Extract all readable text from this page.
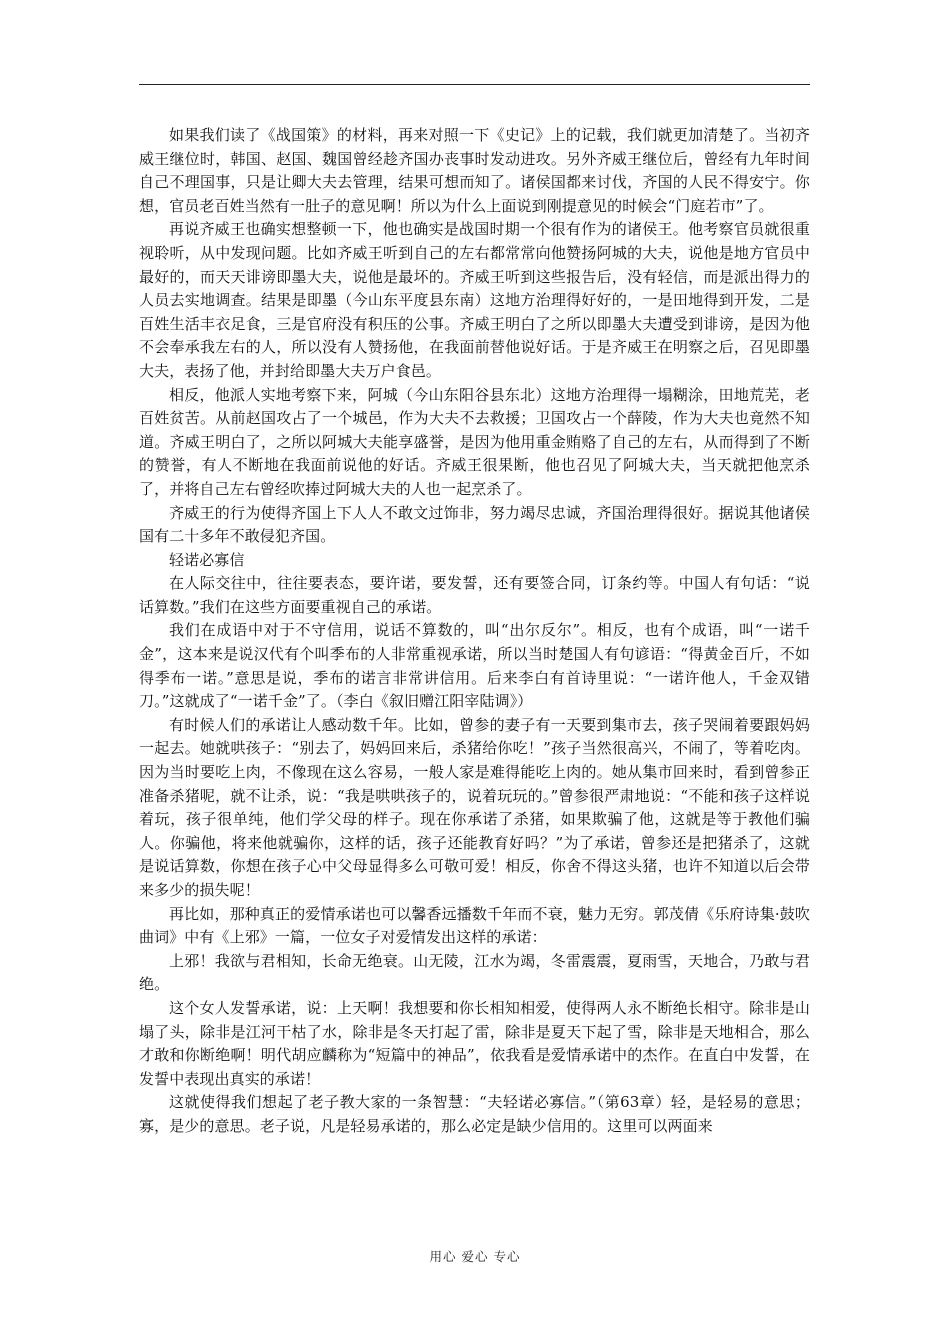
如果我们读了《战国策》的材料，再来对照一下《史记》上的记载，我们就更加清楚了。当初齐威王继位时，韩国、赵国、魏国曾经趁齐国办丧事时发动进攻。另外齐威王继位后，曾经有九年时间自己不理国事，只是让卿大夫去管理，结果可想而知了。诸侯国都来讨伐，齐国的人民不得安宁。你想，官员老百姓当然有一肚子的意见啊！所以为什么上面说到刚提意见的时候会“门庭若市”了。

再说齐威王也确实想整顿一下，他也确实是战国时期一个很有作为的诸侯王。他考察官员就很重视聆听，从中发现问题。比如齐威王听到自己的左右都常常向他赞扬阿城的大夫，说他是地方官员中最好的，而天天诽谤即墨大夫，说他是最坏的。齐威王听到这些报告后，没有轻信，而是派出得力的人员去实地调查。结果是即墨（今山东平度县东南）这地方治理得好好的，一是田地得到开发，二是百姓生活丰衣足食，三是官府没有积压的公事。齐威王明白了之所以即墨大夫遭受到诽谤，是因为他不会奉承我左右的人，所以没有人赞扬他，在我面前替他说好话。于是齐威王在明察之后，召见即墨大夫，表扬了他，并封给即墨大夫万户食邑。

相反，他派人实地考察下来，阿城（今山东阳谷县东北）这地方治理得一塌糊涂，田地荒芜，老百姓贫苦。从前赵国攻占了一个城邑，作为大夫不去救援；卫国攻占一个薛陵，作为大夫也竟然不知道。齐威王明白了，之所以阿城大夫能享盛誉，是因为他用重金贿赂了自己的左右，从而得到了不断的赞誉，有人不断地在我面前说他的好话。齐威王很果断，他也召见了阿城大夫，当天就把他烹杀了，并将自己左右曾经吹捧过阿城大夫的人也一起烹杀了。

齐威王的行为使得齐国上下人人不敢文过饰非，努力竭尽忠诚，齐国治理得很好。据说其他诸侯国有二十多年不敢侵犯齐国。

轻诺必寡信

在人际交往中，往往要表态，要许诺，要发誓，还有要签合同，订条约等。中国人有句话：“说话算数。”我们在这些方面要重视自己的承诺。

我们在成语中对于不守信用，说话不算数的，叫“出尔反尔”。相反，也有个成语，叫“一诺千金”，这本来是说汉代有个叫季布的人非常重视承诺，所以当时楚国人有句谚语：“得黄金百斤，不如得季布一诺。”意思是说，季布的诺言非常讲信用。后来李白有首诗里说：“一诺许他人，千金双错刀。”这就成了“一诺千金”了。（李白《叙旧赠江阳宰陆调》）

有时候人们的承诺让人感动数千年。比如，曾参的妻子有一天要到集市去，孩子哭闹着要跟妈妈一起去。她就哄孩子：“别去了，妈妈回来后，杀猪给你吃！”孩子当然很高兴，不闹了，等着吃肉。因为当时要吃上肉，不像现在这么容易，一般人家是难得能吃上肉的。她从集市回来时，看到曾参正准备杀猪呢，就不让杀，说：“我是哄哄孩子的，说着玩玩的。”曾参很严肃地说：“不能和孩子这样说着玩，孩子很单纯，他们学父母的样子。现在你承诺了杀猪，如果欺骗了他，这就是等于教他们骗人。你骗他，将来他就骗你，这样的话，孩子还能教育好吗？”为了承诺，曾参还是把猪杀了，这就是说话算数，你想在孩子心中父母显得多么可敬可爱！相反，你舍不得这头猪，也许不知道以后会带来多少的损失呢！

再比如，那种真正的爱情承诺也可以馨香远播数千年而不衰，魅力无穷。郭茂倩《乐府诗集·鼓吹曲词》中有《上邪》一篇，一位女子对爱情发出这样的承诺：

上邪！我欲与君相知，长命无绝衰。山无陵，江水为竭，冬雷震震，夏雨雪，天地合，乃敢与君绝。

这个女人发誓承诺，说：上天啊！我想要和你长相知相爱，使得两人永不断绝长相守。除非是山塌了头，除非是江河干枯了水，除非是冬天打起了雷，除非是夏天下起了雪，除非是天地相合，那么才敢和你断绝啊！明代胡应麟称为“短篇中的神品”，依我看是爱情承诺中的杰作。在直白中发誓，在发誓中表现出真实的承诺！

这就使得我们想起了老子教大家的一条智慧：“夫轻诺必寡信。”（第63章）轻，是轻易的意思；寡，是少的意思。老子说，凡是轻易承诺的，那么必定是缺少信用的。这里可以两面来

用心 爱心 专心
